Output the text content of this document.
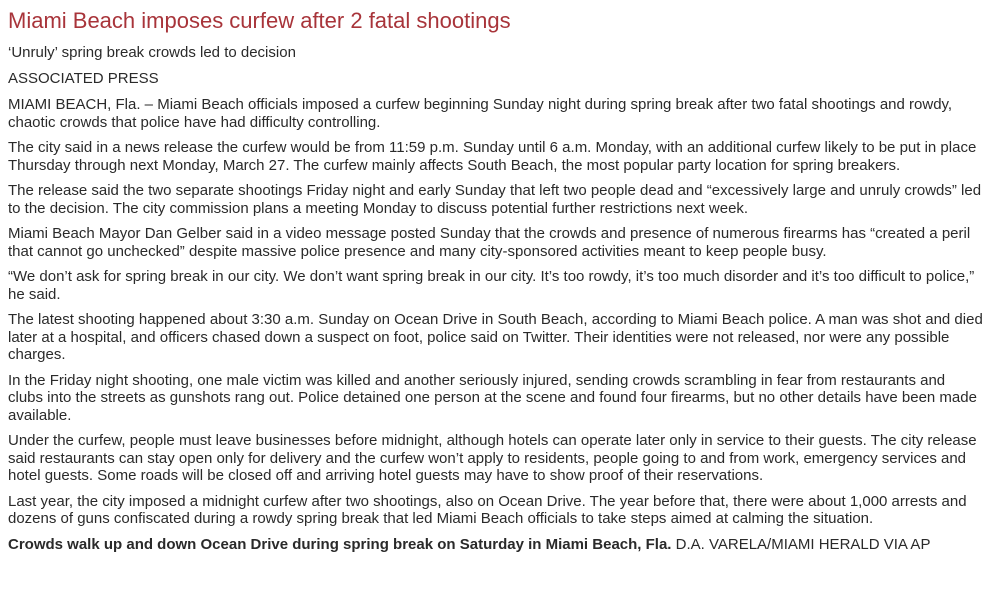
Miami Beach imposes curfew after 2 fatal shootings

‘Unruly’ spring break crowds led to decision

ASSOCIATED PRESS

MIAMI BEACH, Fla. – Miami Beach officials imposed a curfew beginning Sunday night during spring break after two fatal shootings and rowdy, chaotic crowds that police have had difficulty controlling.

The city said in a news release the curfew would be from 11:59 p.m. Sunday until 6 a.m. Monday, with an additional curfew likely to be put in place Thursday through next Monday, March 27. The curfew mainly affects South Beach, the most popular party location for spring breakers.

The release said the two separate shootings Friday night and early Sunday that left two people dead and “excessively large and unruly crowds” led to the decision. The city commission plans a meeting Monday to discuss potential further restrictions next week.

Miami Beach Mayor Dan Gelber said in a video message posted Sunday that the crowds and presence of numerous firearms has “created a peril that cannot go unchecked” despite massive police presence and many city-sponsored activities meant to keep people busy.

“We don’t ask for spring break in our city. We don’t want spring break in our city. It’s too rowdy, it’s too much disorder and it’s too difficult to police,” he said.

The latest shooting happened about 3:30 a.m. Sunday on Ocean Drive in South Beach, according to Miami Beach police. A man was shot and died later at a hospital, and officers chased down a suspect on foot, police said on Twitter. Their identities were not released, nor were any possible charges.

In the Friday night shooting, one male victim was killed and another seriously injured, sending crowds scrambling in fear from restaurants and clubs into the streets as gunshots rang out. Police detained one person at the scene and found four firearms, but no other details have been made available.

Under the curfew, people must leave businesses before midnight, although hotels can operate later only in service to their guests. The city release said restaurants can stay open only for delivery and the curfew won’t apply to residents, people going to and from work, emergency services and hotel guests. Some roads will be closed off and arriving hotel guests may have to show proof of their reservations.

Last year, the city imposed a midnight curfew after two shootings, also on Ocean Drive. The year before that, there were about 1,000 arrests and dozens of guns confiscated during a rowdy spring break that led Miami Beach officials to take steps aimed at calming the situation.

Crowds walk up and down Ocean Drive during spring break on Saturday in Miami Beach, Fla. D.A. VARELA/MIAMI HERALD VIA AP
